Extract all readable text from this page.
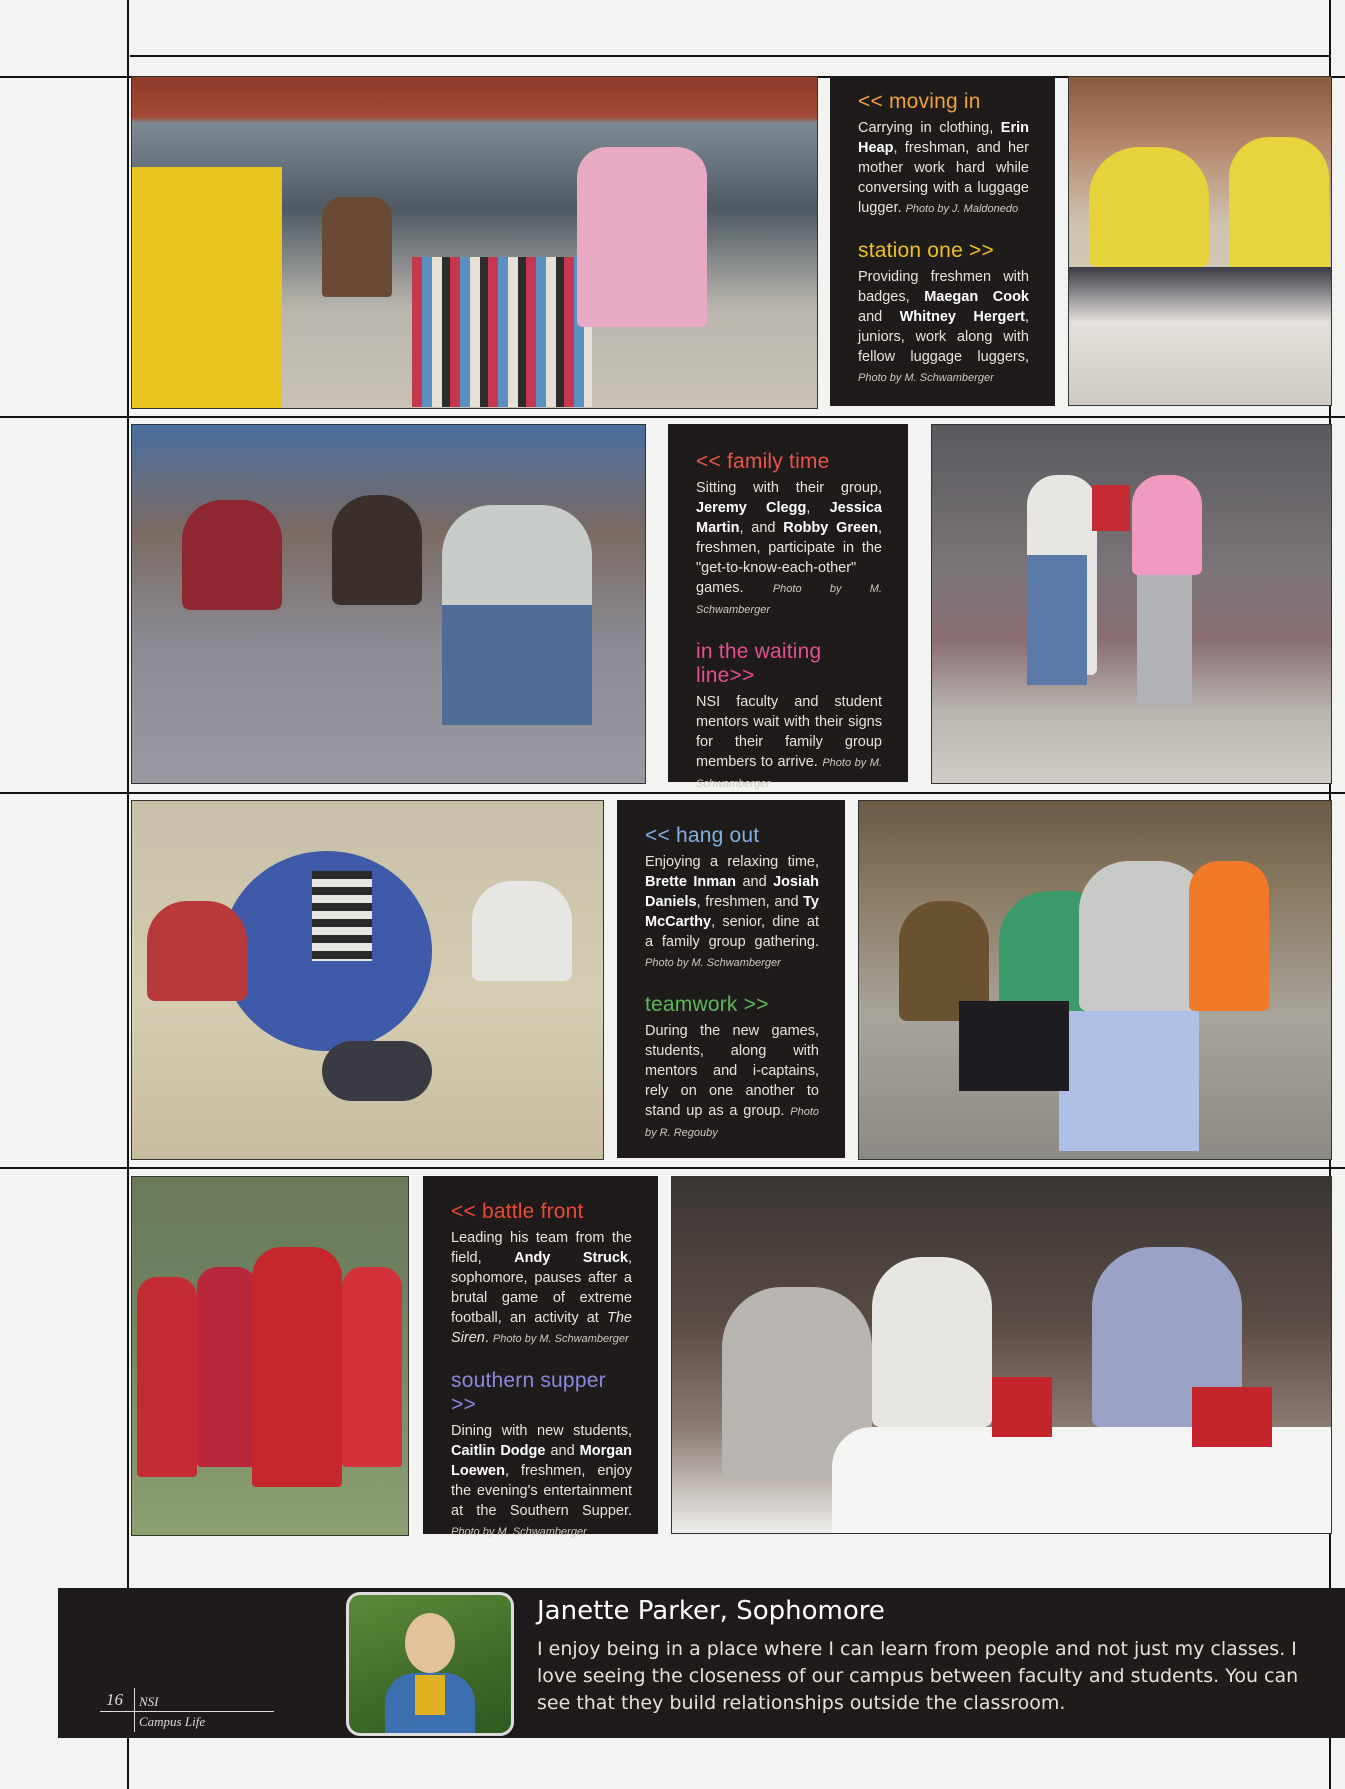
<< moving in

Carrying in clothing, Erin Heap, freshman, and her mother work hard while conversing with a luggage lugger. Photo by J. Maldonedo

station one >>

Providing freshmen with badges, Maegan Cook and Whitney Hergert, juniors, work along with fellow luggage luggers, Photo by M. Schwamberger

<< family time

Sitting with their group, Jeremy Clegg, Jessica Martin, and Robby Green, freshmen, participate in the "get-to-know-each-other" games.	Photo by M. Schwamberger

in the waiting line>>

NSI faculty and student mentors wait with their signs for their family group members to arrive. Photo by M. Schwamberger

<< hang out

Enjoying a relaxing time, Brette Inman and Josiah Daniels, freshmen, and Ty McCarthy, senior, dine at a family group gathering. Photo by M. Schwamberger

teamwork >>

During the new games, students, along with mentors and i-captains, rely on one another to stand up as a group. Photo by R. Regouby

<< battle front

Leading his team from the field, Andy Struck, sophomore, pauses after a brutal game of extreme football, an activity at The Siren. Photo by M. Schwamberger

southern supper >>

Dining with new students, Caitlin Dodge and Morgan Loewen, freshmen, enjoy the evening's entertainment at the Southern Supper. Photo by M. Schwamberger

Janette Parker, Sophomore
I enjoy being in a place where I can learn from people and not just my classes. I love seeing the closeness of our campus between faculty and students. You can see that they build relationships outside the classroom.
16 NSI
Campus Life
